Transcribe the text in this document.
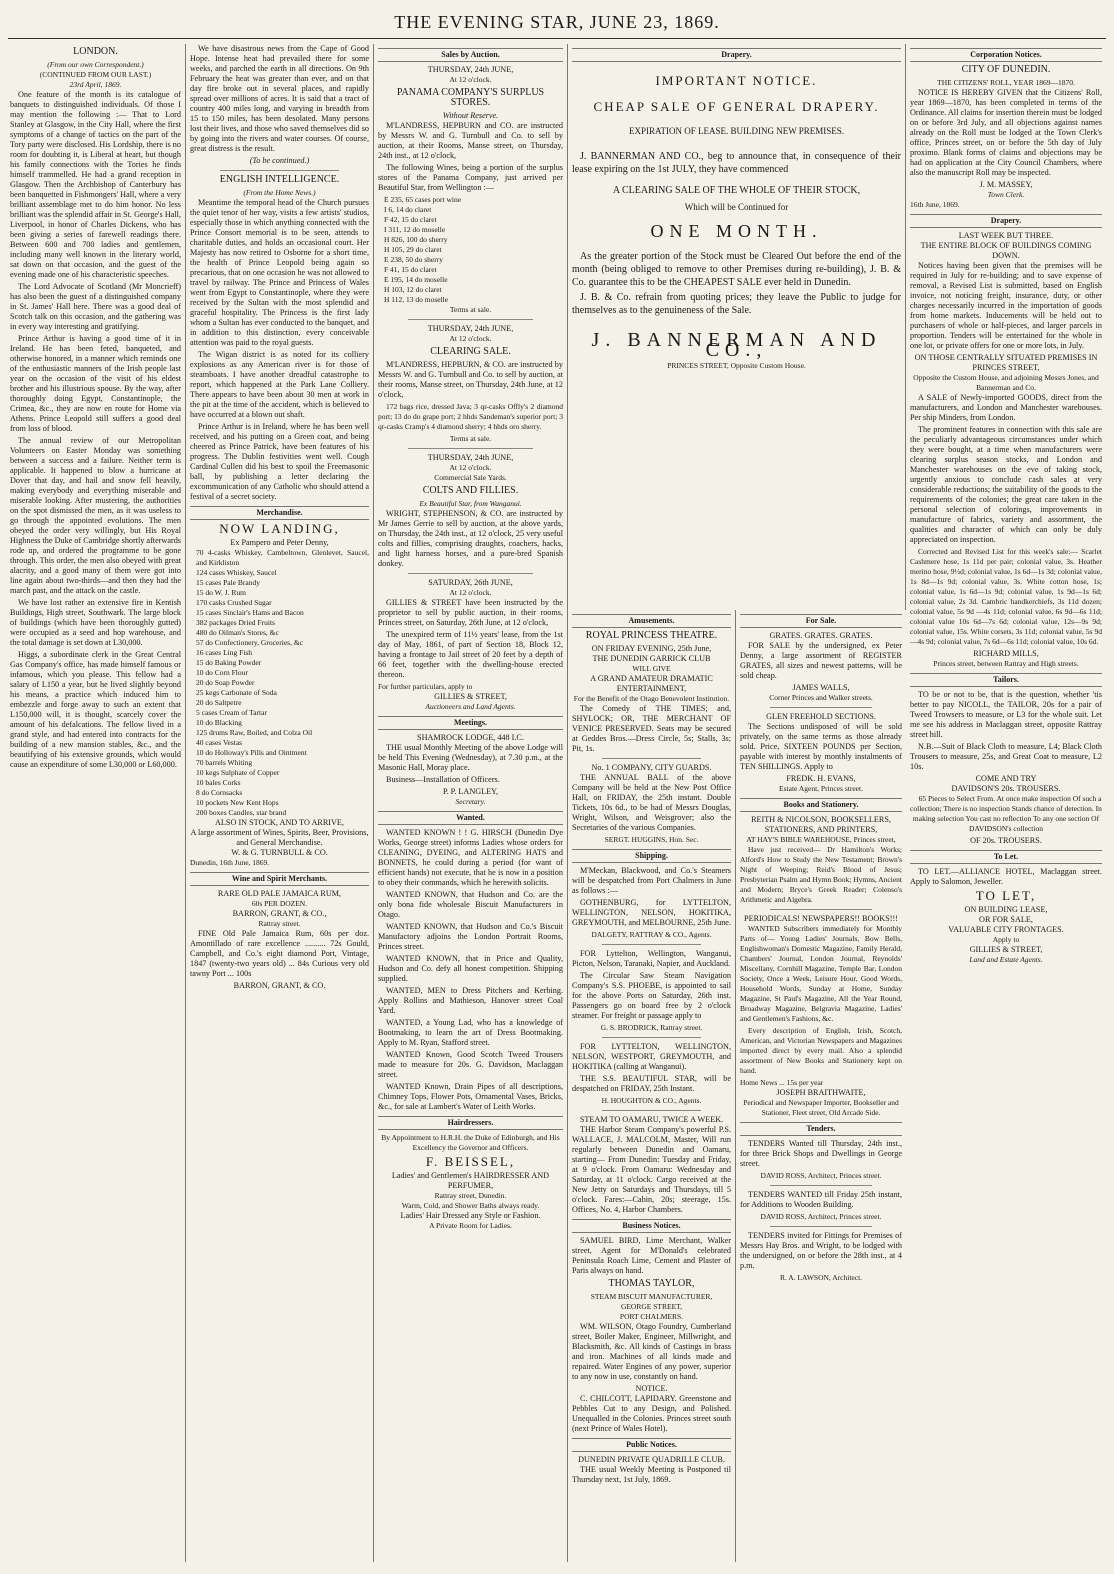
THE EVENING STAR, JUNE 23, 1869.
LONDON.
(From our own Correspondent.)
(CONTINUED FROM OUR LAST.)
23rd April, 1869.

One feature of the month is its catalogue of banquets to distinguished individuals. Of those I may mention the following :— That to Lord Stanley at Glasgow, in the City Hall, where the first symptoms of a change of tactics on the part of the Tory party were disclosed. His Lordship, there is no room for doubting it, is Liberal at heart, but though his family connections with the Tories he finds himself trammelled. He had a grand reception in Glasgow. Then the Archbishop of Canterbury has been banquetted in Fishmongers' Hall, where a very brilliant assemblage met to do him honor. No less brilliant was the splendid affair in St. George's Hall, Liverpool, in honor of Charles Dickens, who has been giving a series of farewell readings there. Between 600 and 700 ladies and gentlemen, including many well known in the literary world, sat down on that occasion, and the guest of the evening made one of his characteristic speeches.

The Lord Advocate of Scotland (Mr Moncrieff) has also been the guest of a distinguished company in St. James' Hall here. There was a good deal of Scotch talk on this occasion, and the gathering was in every way interesting and gratifying.

Prince Arthur is having a good time of it in Ireland. He has been feted, banqueted, and otherwise honored, in a manner which reminds one of the enthusiastic manners of the Irish people last year on the occasion of the visit of his eldest brother and his illustrious spouse. By the way, after thoroughly doing Egypt, Constantinople, the Crimea, &c., they are now en route for Home via Athens. Prince Leopold still suffers a good deal from loss of blood.

The annual review of our Metropolitan Volunteers on Easter Monday was something between a success and a failure. Neither term is applicable. It happened to blow a hurricane at Dover that day, and hail and snow fell heavily, making everybody and everything miserable and miserable looking. After mustering, the authorities on the spot dismissed the men, as it was useless to go through the appointed evolutions. The men obeyed the order very willingly, but His Royal Highness the Duke of Cambridge shortly afterwards rode up, and ordered the programme to be gone through. This order, the men also obeyed with great alacrity, and a good many of them were got into line again about two-thirds—and then they had the march past, and the attack on the castle.

We have lost rather an extensive fire in Kentish Buildings, High street, Southwark. The large block of buildings (which have been thoroughly gutted) were occupied as a seed and hop warehouse, and the total damage is set down at L30,000.

Higgs, a subordinate clerk in the Great Central Gas Company's office, has made himself famous or infamous, which you please. This fellow had a salary of L150 a year, but he lived slightly beyond his means, a practice which induced him to embezzle and forge away to such an extent that L150,000 will, it is thought, scarcely cover the amount of his defalcations. The fellow lived in a grand style, and had entered into contracts for the building of a new mansion stables, &c., and the beautifying of his extensive grounds, which would cause an expenditure of some L30,000 or L60,000.

We have disastrous news from the Cape of Good Hope. Intense heat had prevailed there for some weeks, and parched the earth in all directions. On 9th February the heat was greater than ever, and on that day fire broke out in several places, and rapidly spread over millions of acres. It is said that a tract of country 400 miles long, and varying in breadth from 15 to 150 miles, has been desolated. Many persons lost their lives, and those who saved themselves did so by going into the rivers and water courses. Of course, great distress is the result.

(To be continued.)
ENGLISH INTELLIGENCE.
(From the Home News.)

Meantime the temporal head of the Church pursues the quiet tenor of her way, visits a few artists' studios, especially those in which anything connected with the Prince Consort memorial is to be seen, attends to charitable duties, and holds an occasional court. Her Majesty has now retired to Osborne for a short time, the health of Prince Leopold being again so precarious, that on one occasion he was not allowed to travel by railway. The Prince and Princess of Wales went from Egypt to Constantinople, where they were received by the Sultan with the most splendid and graceful hospitality. The Princess is the first lady whom a Sultan has ever conducted to the banquet, and in addition to this distinction, every conceivable attention was paid to the royal guests.

The Wigan district is as noted for its colliery explosions as any American river is for those of steamboats. I have another dreadful catastrophe to report, which happened at the Park Lane Colliery. There appears to have been about 30 men at work in the pit at the time of the accident, which is believed to have occurred at a blown out shaft.

Prince Arthur is in Ireland, where he has been well received, and his putting on a Green coat, and being cheered as Prince Patrick, have been features of his progress. The Dublin festivities went well. Cough Cardinal Cullen did his best to spoil the Freemasonic ball, by publishing a letter declaring the excommunication of any Catholic who should attend a festival of a secret society.

Merchandise.
NOW LANDING,
Ex Pampero and Peter Denny,
70 4-casks Whiskey, Cambeltown, Glenlevet, Saucel, and Kirkliston
124 cases Whiskey, Saucel
15 cases Pale Brandy
15 do W. J. Rum
170 casks Crushed Sugar
15 cases Sinclair's Hams and Bacon
382 packages Dried Fruits
480 do Oilman's Stores, &c
57 do Confectionery, Groceries, &c
16 cases Ling Fish
15 do Baking Powder
10 do Corn Flour
20 do Soap Powder
25 kegs Carbonate of Soda
20 do Saltpetre
5 cases Cream of Tartar
10 do Blacking
125 drums Raw, Boiled, and Colza Oil
40 cases Vestas
10 do Holloway's Pills and Ointment
70 barrels Whiting
10 kegs Sulphate of Copper
10 bales Corks
8 do Cornsacks
10 pockets New Kent Hops
200 boxes Candles, star brand
ALSO IN STOCK, AND TO ARRIVE,
A large assortment of Wines, Spirits, Beer, Provisions, and General Merchandise.
W. & G. TURNBULL & CO.
Dunedin, 16th June, 1869.
Wine and Spirit Merchants.
RARE OLD PALE JAMAICA RUM,
60s PER DOZEN.
BARRON, GRANT, & CO.,
Rattray street.

FINE Old Pale Jamaica Rum, 60s per doz. Amontillado of rare excellence .......... 72s Gould, Campbell, and Co.'s eight diamond Port, Vintage, 1847 (twenty-two years old) ... 84s Curious very old tawny Port ... 100s

BARRON, GRANT, & CO.
Sales by Auction.
THURSDAY, 24th JUNE,
At 12 o'clock.
PANAMA COMPANY'S SURPLUS STORES.
Without Reserve.

M'LANDRESS, HEPBURN and CO. are instructed by Messrs W. and G. Turnbull and Co. to sell by auction, at their Rooms, Manse street, on Thursday, 24th inst., at 12 o'clock,

The following Wines, being a portion of the surplus stores of the Panama Company, just arrived per Beautiful Star, from Wellington :—

E 235, 65 cases port wine
I 6, 14 do claret
F 42, 15 do claret
I 311, 12 do moselle
H 826, 100 do sherry
H 105, 29 do claret
E 238, 50 do sherry
F 41, 15 do claret
E 195, 14 do moselle
H 103, 12 do claret
H 112, 13 do moselle
Terms at sale.
THURSDAY, 24th JUNE,
At 12 o'clock.
CLEARING SALE.

M'LANDRESS, HEPBURN, & CO. are instructed by Messrs W. and G. Turnbull and Co. to sell by auction, at their rooms, Manse street, on Thursday, 24th June, at 12 o'clock,

172 bags rice, dressed Java; 3 qr-casks Offly's 2 diamond port; 13 do do grape port; 2 hhds Sandeman's superior port; 3 qr-casks Cramp's 4 diamond sherry; 4 hhds oro sherry.

Terms at sale.
THURSDAY, 24th JUNE,
At 12 o'clock.
Commercial Sale Yards.
COLTS AND FILLIES.
Ex Beautiful Star, from Wanganui.

WRIGHT, STEPHENSON, & CO. are instructed by Mr James Gerrie to sell by auction, at the above yards, on Thursday, the 24th inst., at 12 o'clock, 25 very useful colts and fillies, comprising draughts, coachers, hacks, and light harness horses, and a pure-bred Spanish donkey.

SATURDAY, 26th JUNE,
At 12 o'clock.

GILLIES & STREET have been instructed by the proprietor to sell by public auction, in their rooms, Princes street, on Saturday, 26th June, at 12 o'clock,

The unexpired term of 11½ years' lease, from the 1st day of May, 1861, of part of Section 18, Block 12, having a frontage to Jail street of 20 feet by a depth of 66 feet, together with the dwelling-house erected thereon.

For further particulars, apply to
GILLIES & STREET,
Auctioneers and Land Agents.
Meetings.
SHAMROCK LODGE, 448 I.C.

THE usual Monthly Meeting of the above Lodge will be held This Evening (Wednesday), at 7.30 p.m., at the Masonic Hall, Moray place.

Business—Installation of Officers.

P. P. LANGLEY,
Secretary.
Wanted.

WANTED KNOWN ! ! G. HIRSCH (Dunedin Dye Works, George street) informs Ladies whose orders for CLEANING, DYEING, and ALTERING HATS and BONNETS, he could during a period (for want of efficient hands) not execute, that he is now in a position to obey their commands, which he herewith solicits.

WANTED KNOWN, that Hudson and Co. are the only bona fide wholesale Biscuit Manufacturers in Otago.

WANTED KNOWN, that Hudson and Co.'s Biscuit Manufactory adjoins the London Portrait Rooms, Princes street.

WANTED KNOWN, that in Price and Quality, Hudson and Co. defy all honest competition. Shipping supplied.

WANTED, MEN to Dress Pitchers and Kerbing. Apply Rollins and Mathieson, Hanover street Coal Yard.

WANTED, a Young Lad, who has a knowledge of Bootmaking, to learn the art of Dress Bootmaking. Apply to M. Ryan, Stafford street.

WANTED Known, Good Scotch Tweed Trousers made to measure for 20s. G. Davidson, Maclaggan street.

WANTED Known, Drain Pipes of all descriptions, Chimney Tops, Flower Pots, Ornamental Vases, Bricks, &c., for sale at Lambert's Water of Leith Works.

Hairdressers.
By Appointment to H.R.H. the Duke of Edinburgh, and His Excellency the Governor and Officers.
F. BEISSEL,
Ladies' and Gentlemen's HAIRDRESSER AND PERFUMER,
Rattray street, Dunedin.
Warm, Cold, and Shower Baths always ready.
Ladies' Hair Dressed any Style or Fashion.
A Private Room for Ladies.
Drapery.
IMPORTANT NOTICE.
CHEAP SALE OF GENERAL DRAPERY.
EXPIRATION OF LEASE. BUILDING NEW PREMISES.

J. BANNERMAN AND CO., beg to announce that, in consequence of their lease expiring on the 1st JULY, they have commenced

A CLEARING SALE OF THE WHOLE OF THEIR STOCK,
Which will be Continued for
ONE MONTH.

As the greater portion of the Stock must be Cleared Out before the end of the month (being obliged to remove to other Premises during re-building), J. B. & Co. guarantee this to be the CHEAPEST SALE ever held in Dunedin.

J. B. & Co. refrain from quoting prices; they leave the Public to judge for themselves as to the genuineness of the Sale.

J. BANNERMAN AND CO.,
PRINCES STREET, Opposite Custom House.
Amusements.
ROYAL PRINCESS THEATRE.
ON FRIDAY EVENING, 25th June,
THE DUNEDIN GARRICK CLUB
WILL GIVE
A GRAND AMATEUR DRAMATIC ENTERTAINMENT,
For the Benefit of the Otago Benevolent Institution.

The Comedy of THE TIMES; and, SHYLOCK; OR, THE MERCHANT OF VENICE PRESERVED. Seats may be secured at Geddes Bros.—Dress Circle, 5s; Stalls, 3s; Pit, 1s.

No. 1 COMPANY, CITY GUARDS.

THE ANNUAL BALL of the above Company will be held at the New Post Office Hall, on FRIDAY, the 25th instant. Double Tickets, 10s 6d., to be had of Messrs Douglas, Wright, Wilson, and Weisgrover; also the Secretaries of the various Companies.

SERGT. HUGGINS, Hon. Sec.
Shipping.

M'Meckan, Blackwood, and Co.'s Steamers will be despatched from Port Chalmers in June as follows :—

GOTHENBURG, for LYTTELTON, WELLINGTON, NELSON, HOKITIKA, GREYMOUTH, and MELBOURNE, 25th June.

DALGETY, RATTRAY & CO., Agents.

FOR Lyttelton, Wellington, Wanganui, Picton, Nelson, Taranaki, Napier, and Auckland.

The Circular Saw Steam Navigation Company's S.S. PHOEBE, is appointed to sail for the above Ports on Saturday, 26th inst. Passengers go on board free by 2 o'clock steamer. For freight or passage apply to

G. S. BRODRICK, Rattray street.

FOR LYTTELTON, WELLINGTON, NELSON, WESTPORT, GREYMOUTH, and HOKITIKA (calling at Wanganui).

THE S.S. BEAUTIFUL STAR, will be despatched on FRIDAY, 25th Instant.

H. HOUGHTON & CO., Agents.
STEAM TO OAMARU, TWICE A WEEK.

THE Harbor Steam Company's powerful P.S. WALLACE, J. MALCOLM, Master, Will run regularly between Dunedin and Oamaru, starting— From Dunedin: Tuesday and Friday, at 9 o'clock. From Oamaru: Wednesday and Saturday, at 11 o'clock. Cargo received at the New Jetty on Saturdays and Thursdays, till 5 o'clock. Fares:—Cabin, 20s; steerage, 15s. Offices, No. 4, Harbor Chambers.

Business Notices.

SAMUEL BIRD, Lime Merchant, Walker street, Agent for M'Donald's celebrated Peninsula Roach Lime, Cement and Plaster of Paris always on hand.

THOMAS TAYLOR,
STEAM BISCUIT MANUFACTURER,
GEORGE STREET,
PORT CHALMERS.

WM. WILSON, Otago Foundry, Cumberland street, Boiler Maker, Engineer, Millwright, and Blacksmith, &c. All kinds of Castings in brass and iron. Machines of all kinds made and repaired. Water Engines of any power, superior to any now in use, constantly on hand.

NOTICE.

C. CHILCOTT, LAPIDARY. Greenstone and Pebbles Cut to any Design, and Polished. Unequalled in the Colonies. Princes street south (next Prince of Wales Hotel).

Public Notices.
DUNEDIN PRIVATE QUADRILLE CLUB.

THE usual Weekly Meeting is Postponed til Thursday next, 1st July, 1869.

For Sale.
GRATES. GRATES. GRATES.

FOR SALE by the undersigned, ex Peter Denny, a large assortment of REGISTER GRATES, all sizes and newest patterns, will be sold cheap.

JAMES WALLS,
Corner Princes and Walker streets.
GLEN FREEHOLD SECTIONS.

The Sections undisposed of will be sold privately, on the same terms as those already sold. Price, SIXTEEN POUNDS per Section, payable with interest by monthly instalments of TEN SHILLINGS. Apply to

FREDK. H. EVANS,
Estate Agent, Princes street.
Books and Stationery.
REITH & NICOLSON, BOOKSELLERS, STATIONERS, AND PRINTERS,
AT HAY'S BIBLE WAREHOUSE, Princes street,

Have just received— Dr Hamilton's Works; Alford's How to Study the New Testament; Brown's Night of Weeping; Reid's Blood of Jesus; Presbyterian Psalm and Hymn Book; Hymns, Ancient and Modern; Bryce's Greek Reader; Colenso's Arithmetic and Algebra.

PERIODICALS! NEWSPAPERS!! BOOKS!!!

WANTED Subscribers immediately for Monthly Parts of— Young Ladies' Journals, Bow Bells, Englishwoman's Domestic Magazine, Family Herald, Chambers' Journal, London Journal, Reynolds' Miscellany, Cornhill Magazine, Temple Bar, London Society, Once a Week, Leisure Hour, Good Words, Household Words, Sunday at Home, Sunday Magazine, St Paul's Magazine, All the Year Round, Broadway Magazine, Belgravia Magazine, Ladies' and Gentlemen's Fashions, &c.

Every description of English, Irish, Scotch, American, and Victorian Newspapers and Magazines imported direct by every mail. Also a splendid assortment of New Books and Stationery kept on hand.

Home News ... 15s per year
JOSEPH BRAITHWAITE,
Periodical and Newspaper Importer, Bookseller and Stationer, Fleet street, Old Arcade Side.
Tenders.

TENDERS Wanted till Thursday, 24th inst., for three Brick Shops and Dwellings in George street.

DAVID ROSS, Architect, Princes street.

TENDERS WANTED till Friday 25th instant, for Additions to Wooden Building.

DAVID ROSS, Architect, Princes street.

TENDERS invited for Fittings for Premises of Messrs Hay Bros. and Wright, to be lodged with the undersigned, on or before the 28th inst., at 4 p.m.

R. A. LAWSON, Architect.
Corporation Notices.
CITY OF DUNEDIN.
THE CITIZENS' ROLL, YEAR 1869—1870.

NOTICE IS HEREBY GIVEN that the Citizens' Roll, year 1869—1870, has been completed in terms of the Ordinance. All claims for insertion therein must be lodged on or before 3rd July, and all objections against names already on the Roll must be lodged at the Town Clerk's office, Princes street, on or before the 5th day of July proximo. Blank forms of claims and objections may be had on application at the City Council Chambers, where also the manuscript Roll may be inspected.

J. M. MASSEY,
Town Clerk.
16th June, 1869.
Drapery.
LAST WEEK BUT THREE.
THE ENTIRE BLOCK OF BUILDINGS COMING DOWN.

Notices having been given that the premises will be required in July for re-building; and to save expense of removal, a Revised List is submitted, based on English invoice, not noticing freight, insurance, duty, or other charges necessarily incurred in the importation of goods from home markets. Inducements will be held out to purchasers of whole or half-pieces, and larger parcels in proportion. Tenders will be entertained for the whole in one lot, or private offers for one or more lots, in July.

ON THOSE CENTRALLY SITUATED PREMISES IN PRINCES STREET,
Opposite the Custom House, and adjoining Messrs Jones, and Bannerman and Co.

A SALE of Newly-imported GOODS, direct from the manufacturers, and London and Manchester warehouses. Per ship Minders, from London.

The prominent features in connection with this sale are the peculiarly advantageous circumstances under which they were bought, at a time when manufacturers were clearing surplus season stocks, and London and Manchester warehouses on the eve of taking stock, urgently anxious to conclude cash sales at very considerable reductions; the suitability of the goods to the requirements of the colonies; the great care taken in the personal selection of colorings, improvements in manufacture of fabrics, variety and assortment, the qualities and character of which can only be duly appreciated on inspection.

Corrected and Revised List for this week's sale:— Scarlet Cashmere hose, 1s 11d per pair; colonial value, 3s. Heather merino hose, 9½d; colonial value, 1s 6d—1s 3d; colonial value, 1s 8d—1s 9d; colonial value, 3s. White cotton hose, 1s; colonial value, 1s 6d—1s 9d; colonial value, 1s 9d—1s 6d; colonial value, 2s 3d. Cambric handkerchiefs, 3s 11d dozen; colonial value, 5s 9d —4s 11d; colonial value, 6s 9d—6s 11d; colonial value 10s 6d—7s 6d; colonial value, 12s—9s 9d; colonial value, 15s. White corsets, 3s 11d; colonial value, 5s 9d—4s 9d; colonial value, 7s 6d—6s 11d; colonial value, 10s 6d.

RICHARD MILLS,
Princes street, between Rattray and High streets.
Tailors.

TO be or not to be, that is the question, whether 'tis better to pay NICOLL, the TAILOR, 20s for a pair of Tweed Trowsers to measure, or L3 for the whole suit. Let me see his address in Maclaggan street, opposite Rattray street hill.

N.B.—Suit of Black Cloth to measure, L4; Black Cloth Trousers to measure, 25s, and Great Coat to measure, L2 10s.

COME AND TRY
DAVIDSON'S 20s. TROUSERS.

65 Pieces to Select From. At once make inspection Of such a collection; There is no inspection Stands chance of detection. In making selection You cast no reflection To any one section Of DAVIDSON's collection

OF 20s. TROUSERS.
To Let.

TO LET.—ALLIANCE HOTEL, Maclaggan street. Apply to Salomon, Jeweller.

TO LET,
ON BUILDING LEASE,
OR FOR SALE,
VALUABLE CITY FRONTAGES.
Apply to
GILLIES & STREET,
Land and Estate Agents.
